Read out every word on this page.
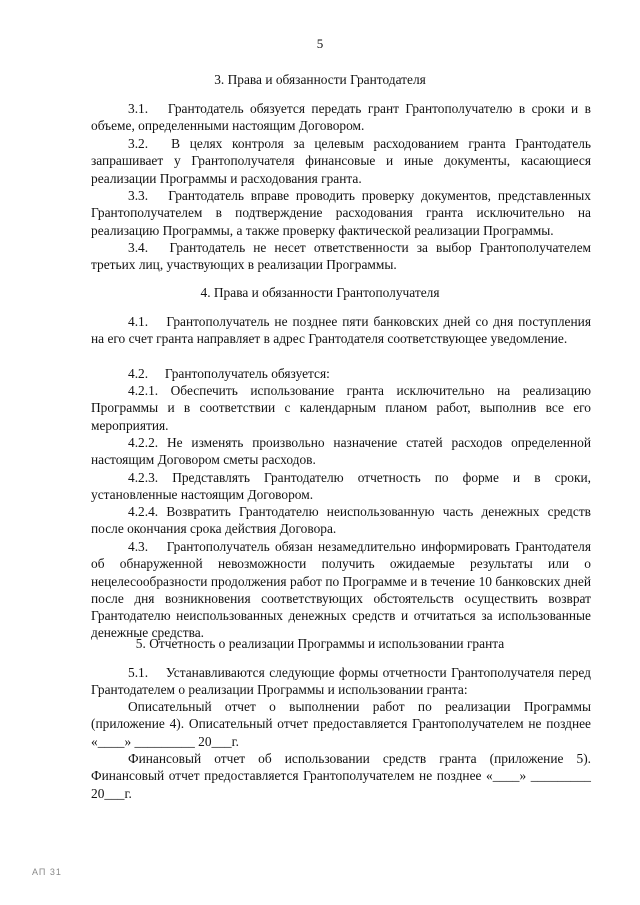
5
3. Права и обязанности Грантодателя

3.1.  Грантодатель обязуется передать грант Грантополучателю в сроки и в объеме, определенными настоящим Договором.

3.2.  В целях контроля за целевым расходованием гранта Грантодатель запрашивает у Грантополучателя финансовые и иные документы, касающиеся реализации Программы и расходования гранта.

3.3.  Грантодатель вправе проводить проверку документов, представленных Грантополучателем в подтверждение расходования гранта исключительно на реализацию Программы, а также проверку фактической реализации Программы.

3.4.  Грантодатель не несет ответственности за выбор Грантополучателем третьих лиц, участвующих в реализации Программы.

4. Права и обязанности Грантополучателя

4.1.  Грантополучатель не позднее пяти банковских дней со дня поступления на его счет гранта направляет в адрес Грантодателя соответствующее уведомление.

4.2.  Грантополучатель обязуется:

4.2.1. Обеспечить использование гранта исключительно на реализацию Программы и в соответствии с календарным планом работ, выполнив все его мероприятия.

4.2.2. Не изменять произвольно назначение статей расходов определенной настоящим Договором сметы расходов.

4.2.3. Представлять Грантодателю отчетность по форме и в сроки, установленные настоящим Договором.

4.2.4. Возвратить Грантодателю неиспользованную часть денежных средств после окончания срока действия Договора.

4.3.  Грантополучатель обязан незамедлительно информировать Грантодателя об обнаруженной невозможности получить ожидаемые результаты или о нецелесообразности продолжения работ по Программе и в течение 10 банковских дней после дня возникновения соответствующих обстоятельств осуществить возврат Грантодателю неиспользованных денежных средств и отчитаться за использованные денежные средства.

5. Отчетность о реализации Программы и использовании гранта

5.1.  Устанавливаются следующие формы отчетности Грантополучателя перед Грантодателем о реализации Программы и использовании гранта:

Описательный отчет о выполнении работ по реализации Программы (приложение 4). Описательный отчет предоставляется Грантополучателем не позднее «____» _________ 20___г.

Финансовый отчет об использовании средств гранта (приложение 5). Финансовый отчет предоставляется Грантополучателем не позднее «____» _________ 20___г.

АП 31
